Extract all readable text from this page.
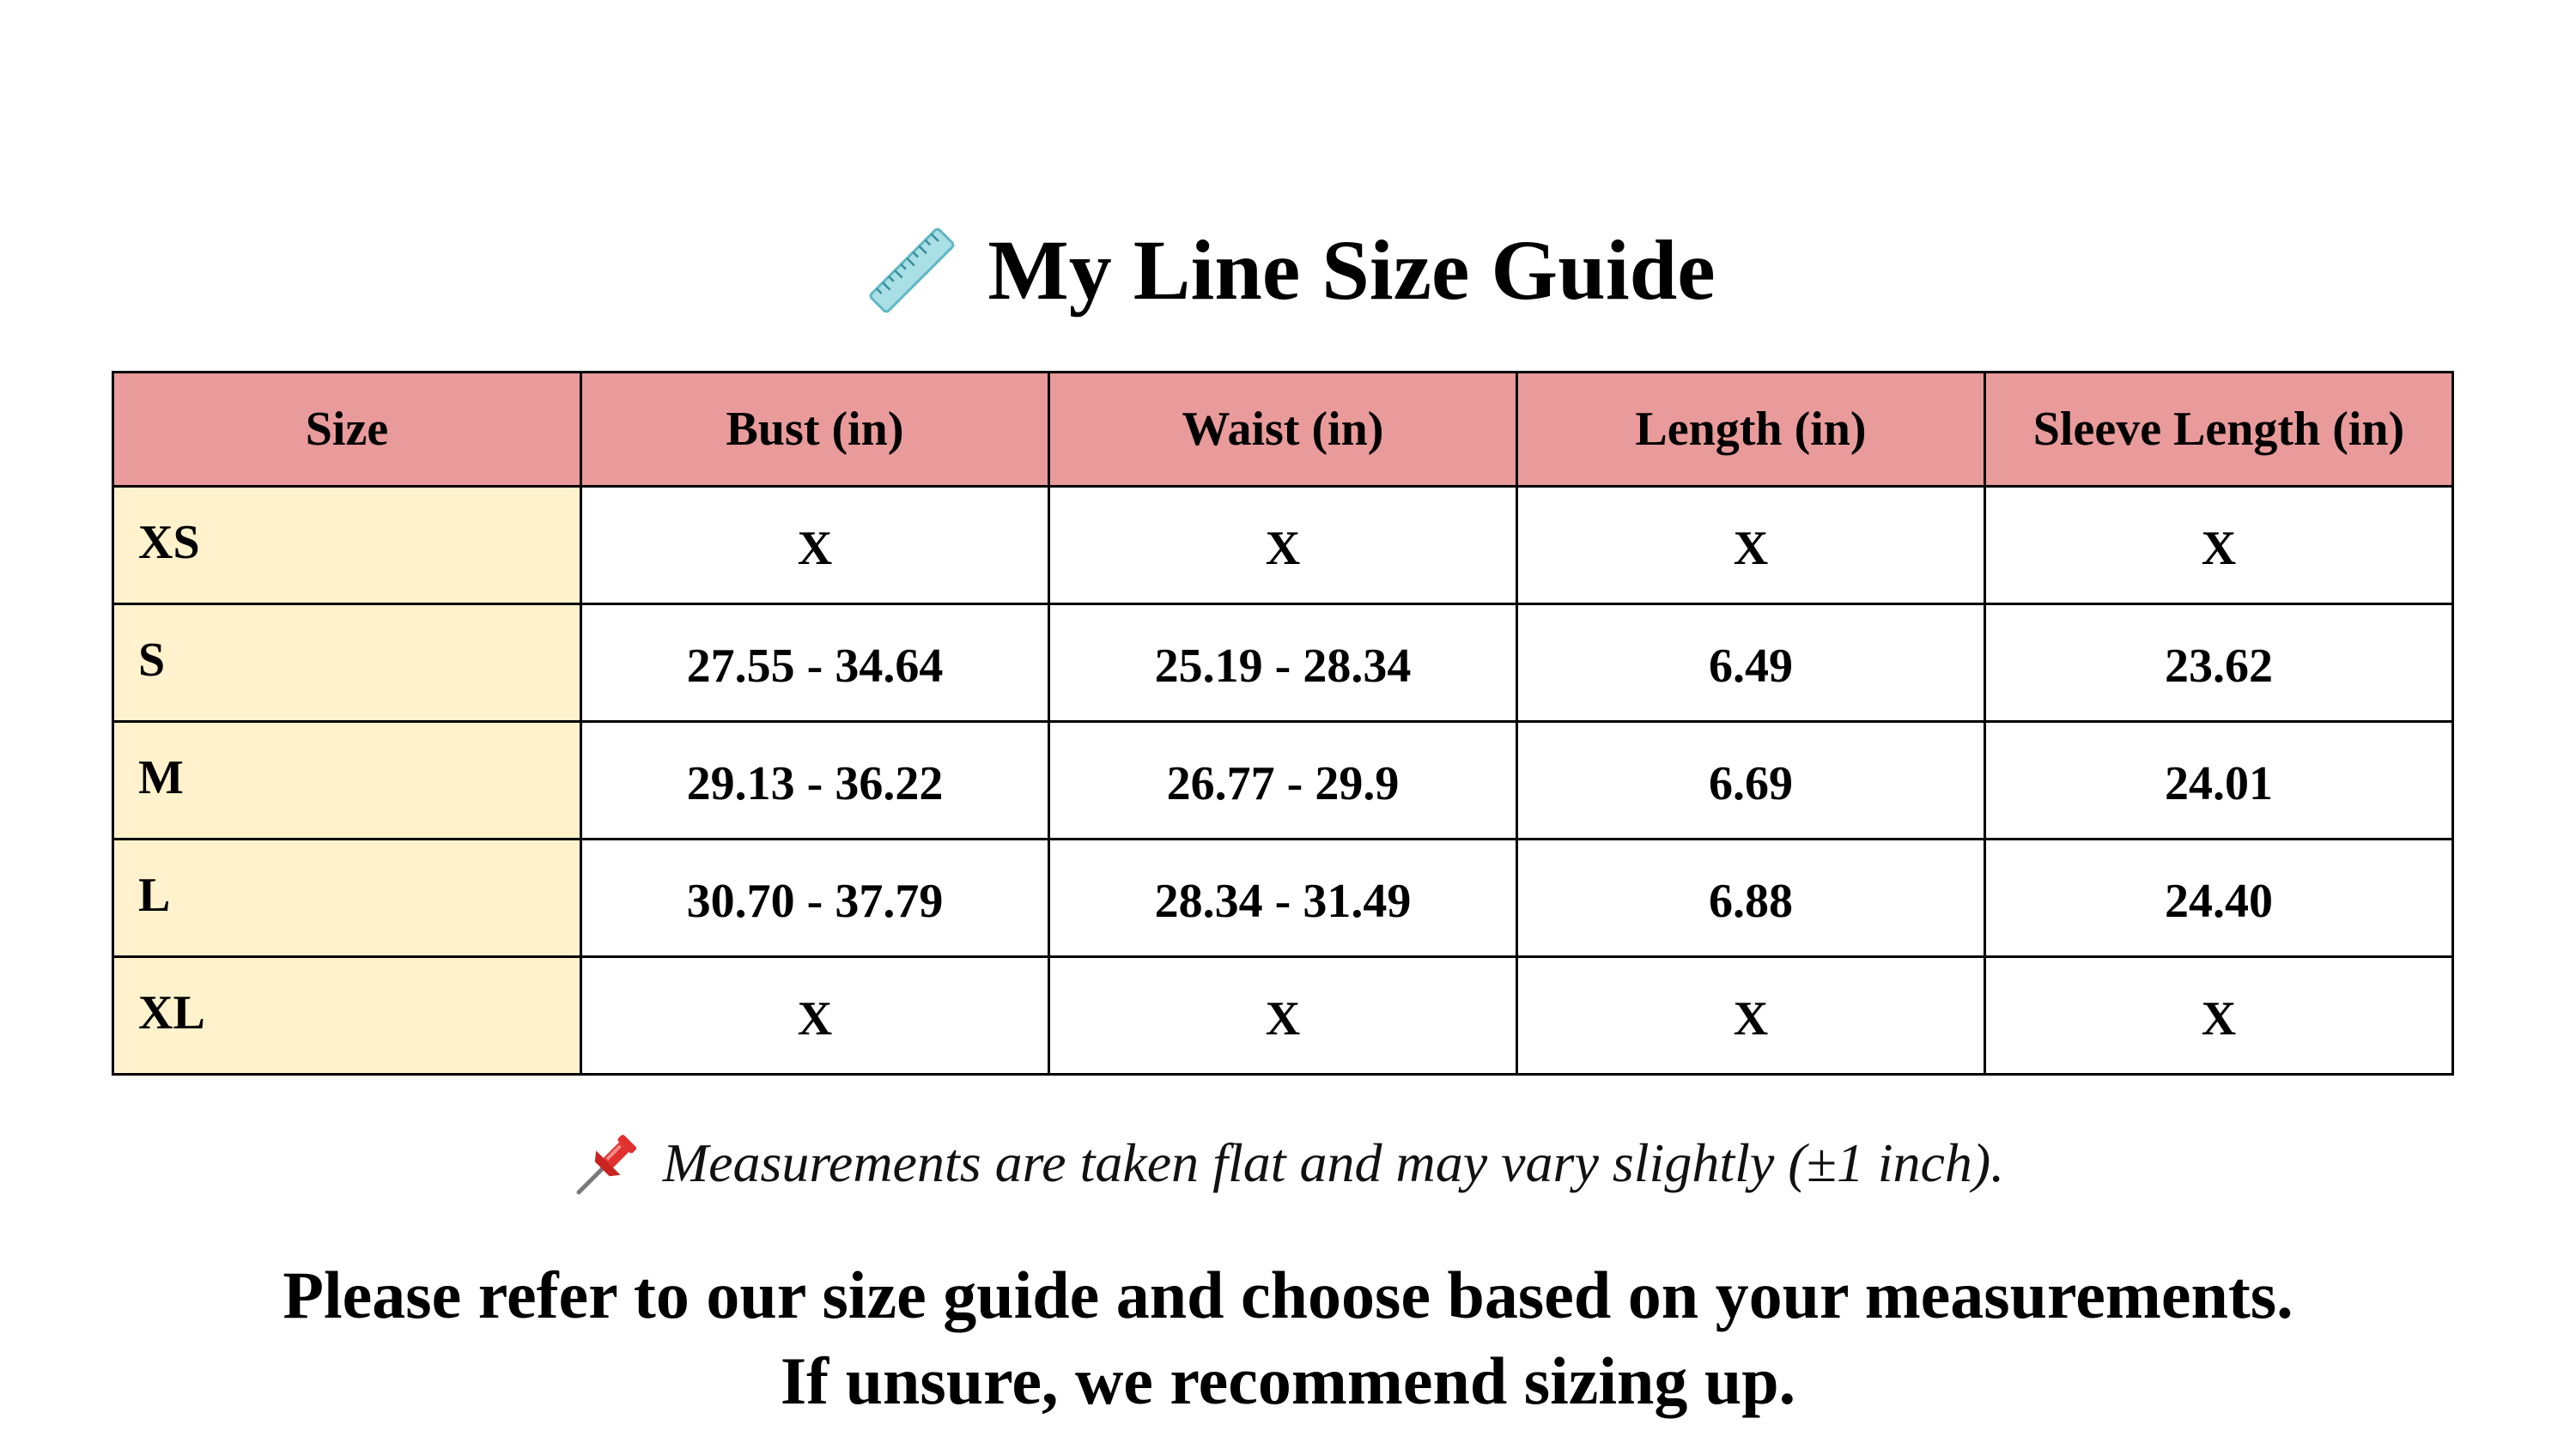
My Line Size Guide
Size	Bust (in)	Waist (in)	Length (in)	Sleeve Length (in)
XS	X	X	X	X
S	27.55 - 34.64	25.19 - 28.34	6.49	23.62
M	29.13 - 36.22	26.77 - 29.9	6.69	24.01
L	30.70 - 37.79	28.34 - 31.49	6.88	24.40
XL	X	X	X	X
Measurements are taken flat and may vary slightly (±1 inch).
Please refer to our size guide and choose based on your measurements.
If unsure, we recommend sizing up.
